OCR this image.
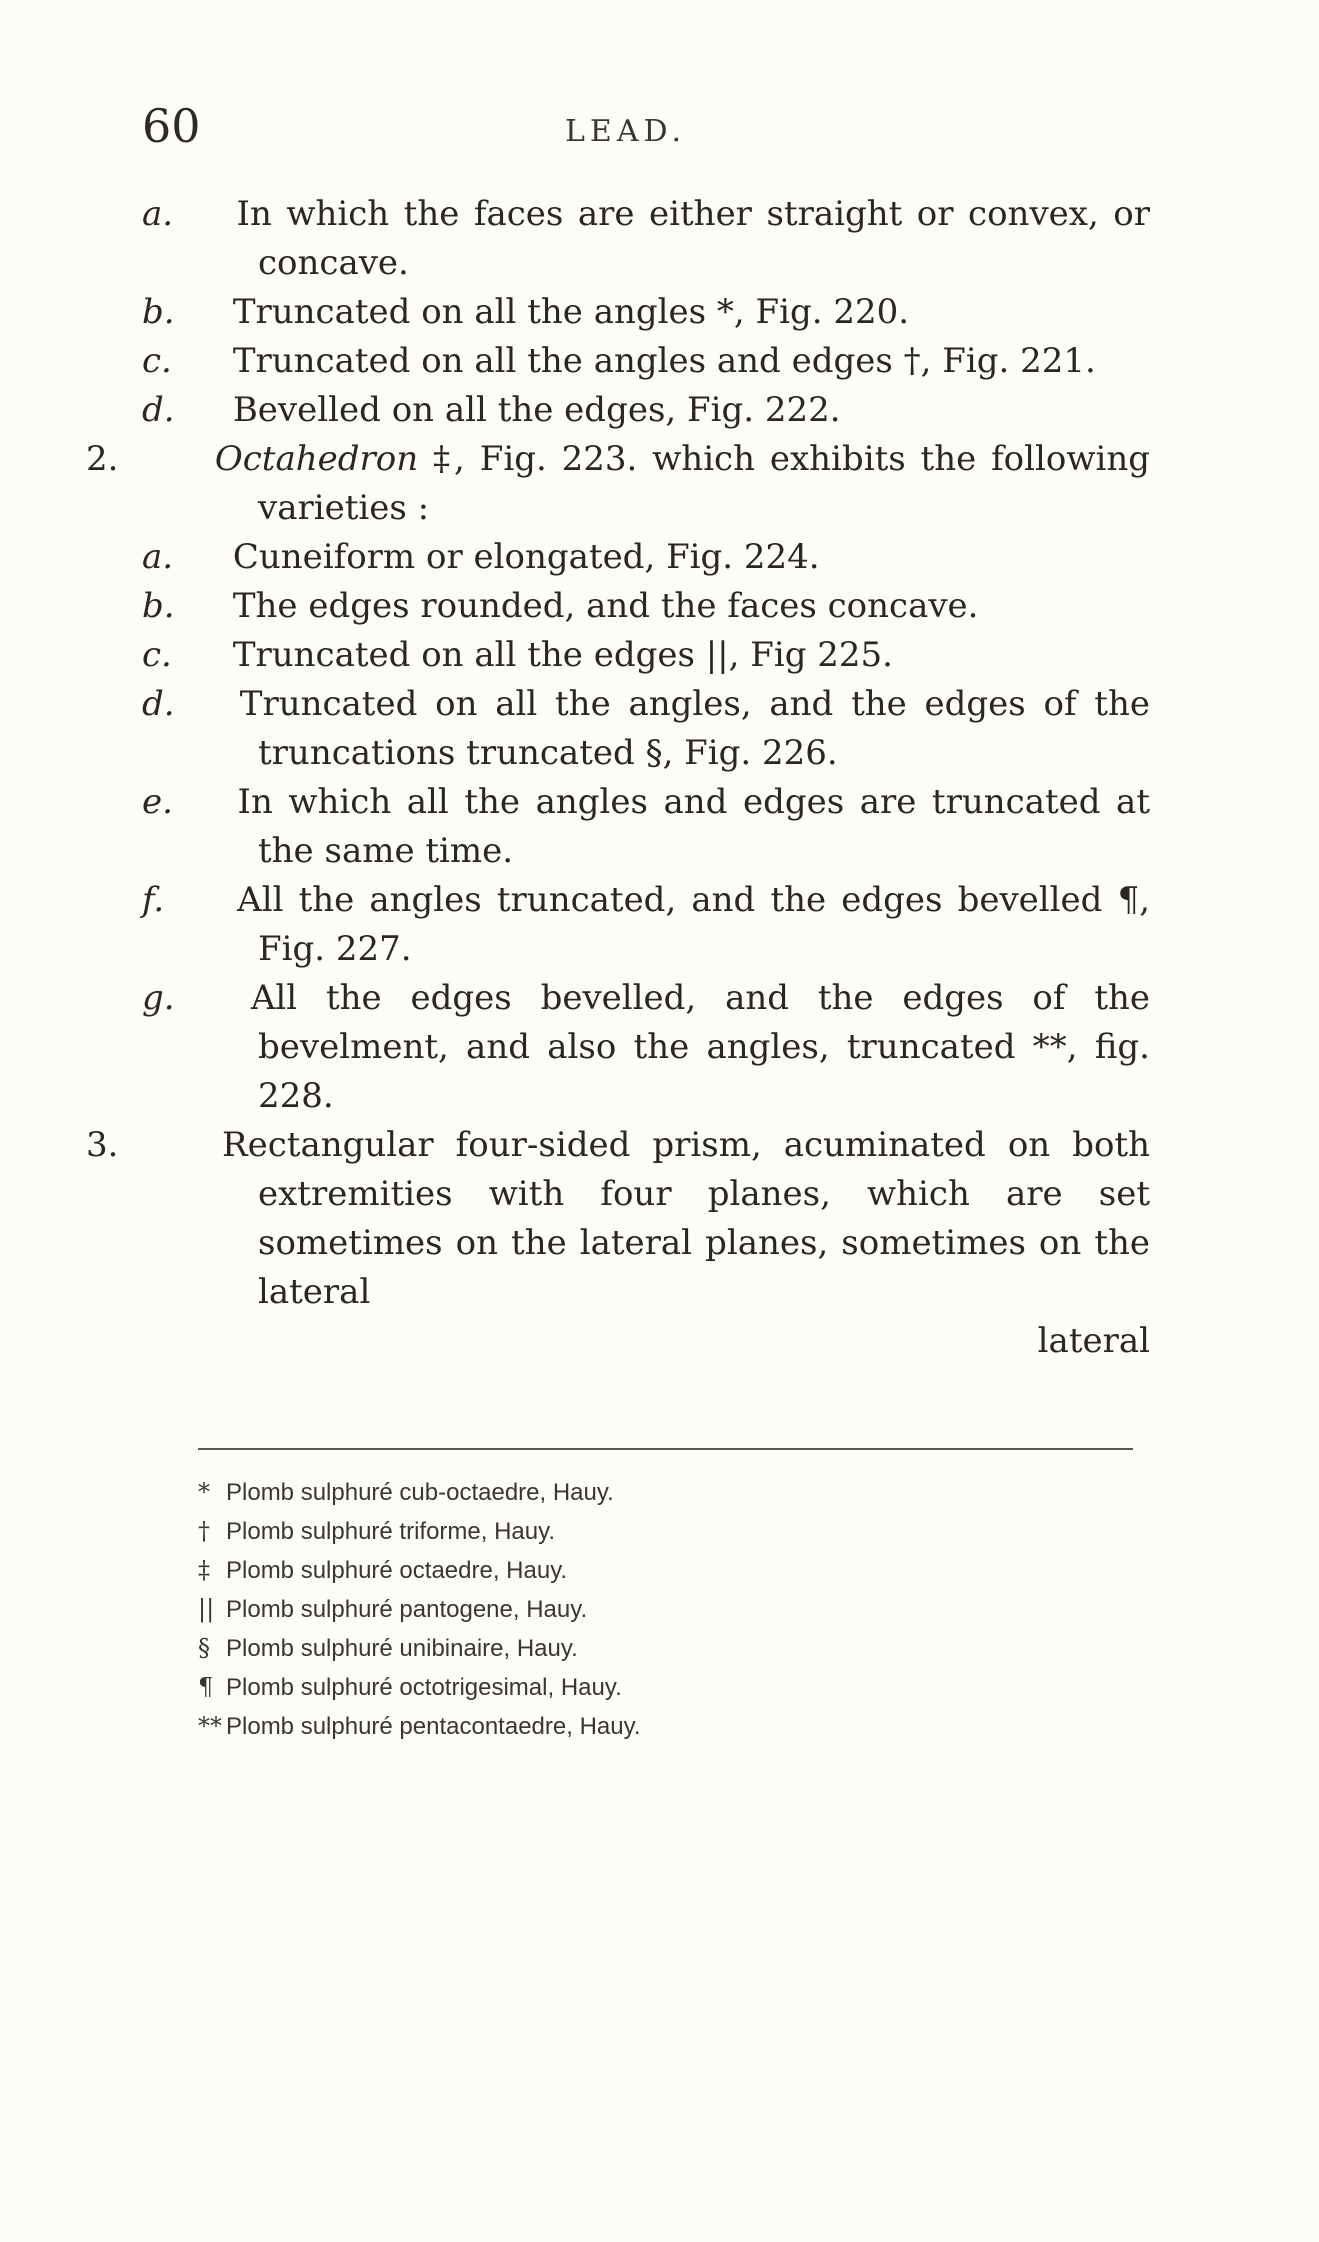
60	LEAD.

a. In which the faces are either straight or convex, or concave.

b. Truncated on all the angles *, Fig. 220.

c. Truncated on all the angles and edges †, Fig. 221.

d. Bevelled on all the edges, Fig. 222.

2.	Octahedron ‡, Fig. 223. which exhibits the following varieties :

a. Cuneiform or elongated, Fig. 224.

b. The edges rounded, and the faces concave.

c. Truncated on all the edges ||, Fig 225.

d. Truncated on all the angles, and the edges of the truncations truncated §, Fig. 226.

e. In which all the angles and edges are truncated at the same time.

f. All the angles truncated, and the edges bevelled ¶, Fig. 227.

g. All the edges bevelled, and the edges of the bevelment, and also the angles, truncated **, fig. 228.

3.	Rectangular four-sided prism, acuminated on both extremities with four planes, which are set sometimes on the lateral planes, sometimes on the lateral

lateral

* Plomb sulphuré cub-octaedre, Hauy.

† Plomb sulphuré triforme, Hauy.

‡ Plomb sulphuré octaedre, Hauy.

|| Plomb sulphuré pantogene, Hauy.

§ Plomb sulphuré unibinaire, Hauy.

¶ Plomb sulphuré octotrigesimal, Hauy.

** Plomb sulphuré pentacontaedre, Hauy.
